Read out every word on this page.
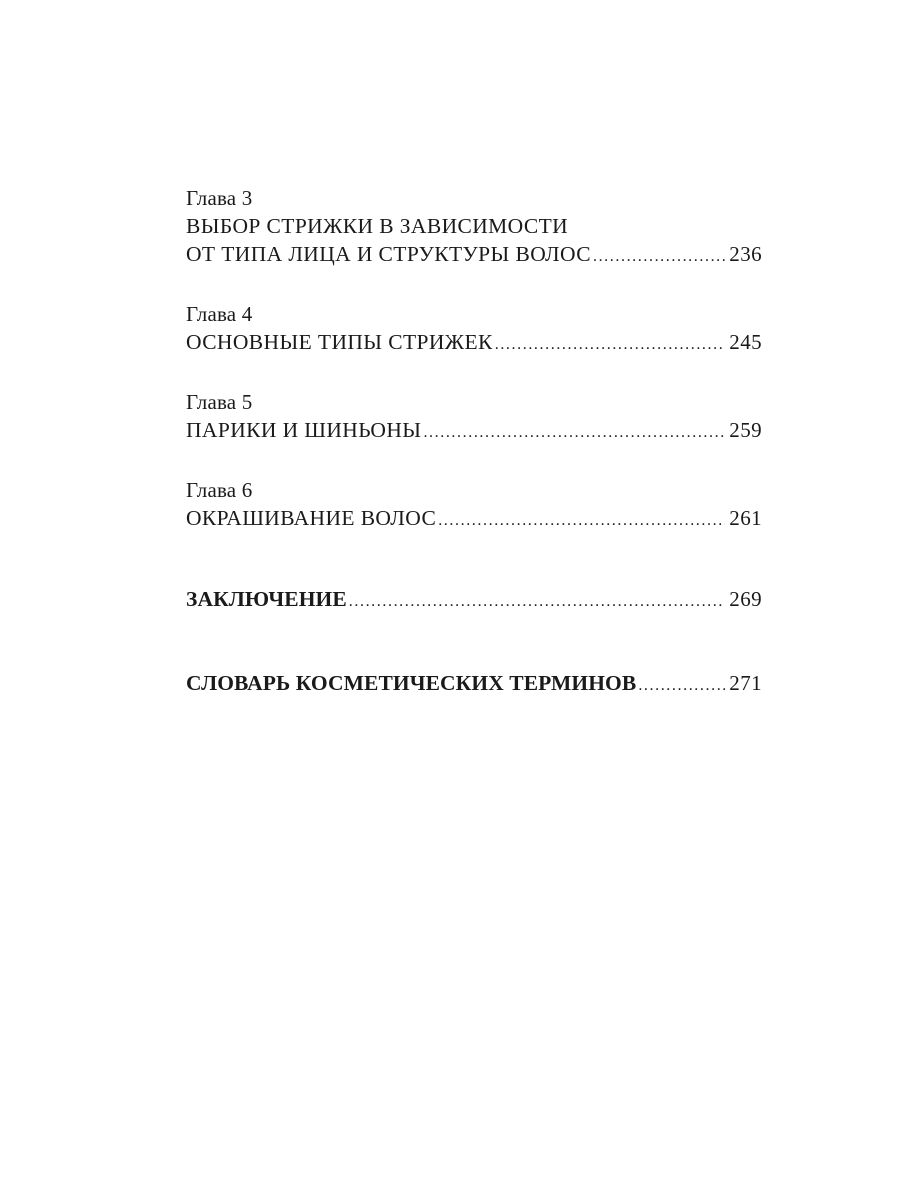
Глава 3
ВЫБОР СТРИЖКИ В ЗАВИСИМОСТИ
ОТ ТИПА ЛИЦА И СТРУКТУРЫ ВОЛОС .....	236
Глава 4
ОСНОВНЫЕ ТИПЫ СТРИЖЕК .....	245
Глава 5
ПАРИКИ И ШИНЬОНЫ .....	259
Глава 6
ОКРАШИВАНИЕ ВОЛОС .....	261
ЗАКЛЮЧЕНИЕ .....	269
СЛОВАРЬ КОСМЕТИЧЕСКИХ ТЕРМИНОВ .....	271
